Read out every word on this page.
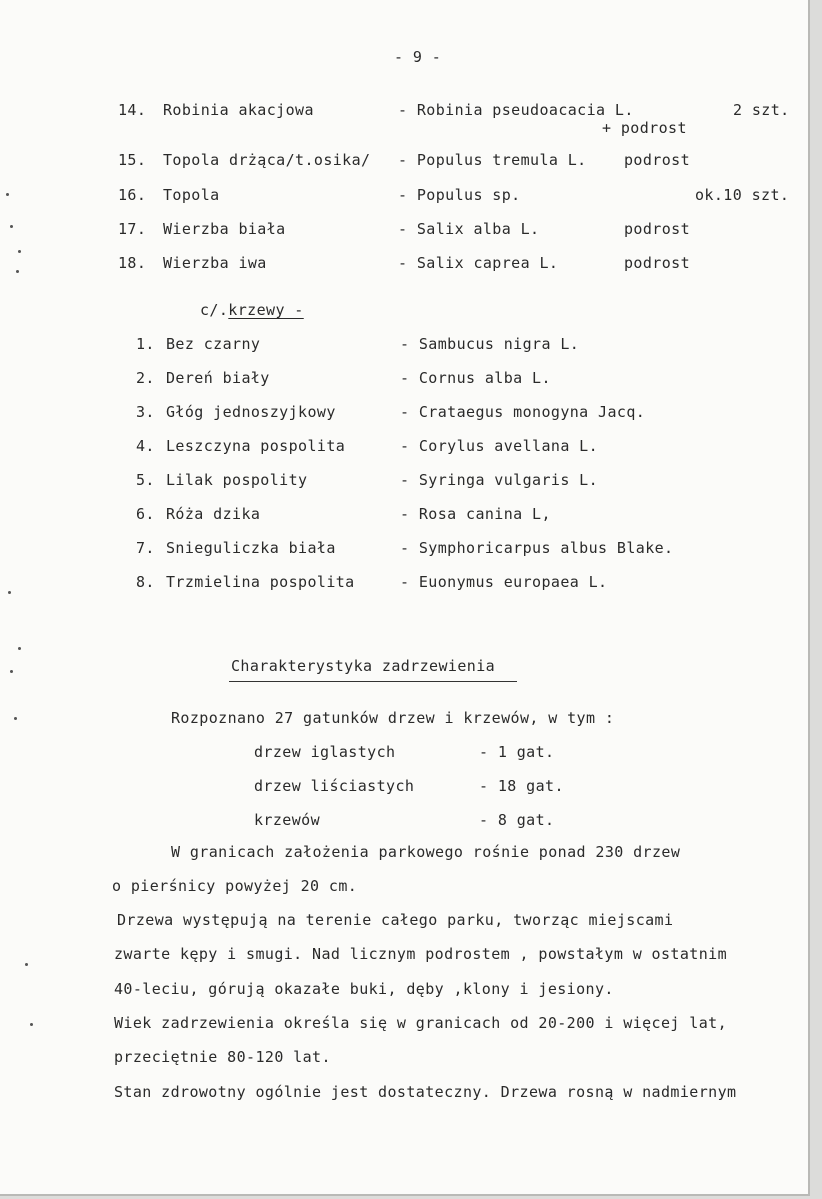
- 9 -
14. Robinia akacjowa	- Robinia pseudoacacia L.	2 szt.
+ podrost
15. Topola drżąca/t.osika/ - Populus tremula L. podrost
16. Topola	- Populus sp.	ok.10 szt.
17. Wierzba biała	- Salix alba L.	podrost
18. Wierzba iwa	- Salix caprea L.	podrost
c/.krzewy -
1. Bez czarny	- Sambucus nigra L.
2. Dereń biały	- Cornus alba L.
3. Głóg jednoszyjkowy	- Crataegus monogyna Jacq.
4. Leszczyna pospolita	- Corylus avellana L.
5. Lilak pospolity	- Syringa vulgaris L.
6. Róża dzika	- Rosa canina L,
7. Snieguliczka biała	- Symphoricarpus albus Blake.
8. Trzmielina pospolita	- Euonymus europaea L.
Charakterystyka zadrzewienia
Rozpoznano 27 gatunków drzew i krzewów, w tym :
drzew iglastych	- 1 gat.
drzew liściastych	- 18 gat.
krzewów	- 8 gat.
W granicach założenia parkowego rośnie ponad 230 drzew
o pierśnicy powyżej 20 cm.
Drzewa występują na terenie całego parku, tworząc miejscami
zwarte kępy i smugi. Nad licznym podrostem , powstałym w ostatnim
40-leciu, górują okazałe buki, dęby ,klony i jesiony.
Wiek zadrzewienia określa się w granicach od 20-200 i więcej lat,
przeciętnie 80-120 lat.
Stan zdrowotny ogólnie jest dostateczny. Drzewa rosną w nadmiernym
